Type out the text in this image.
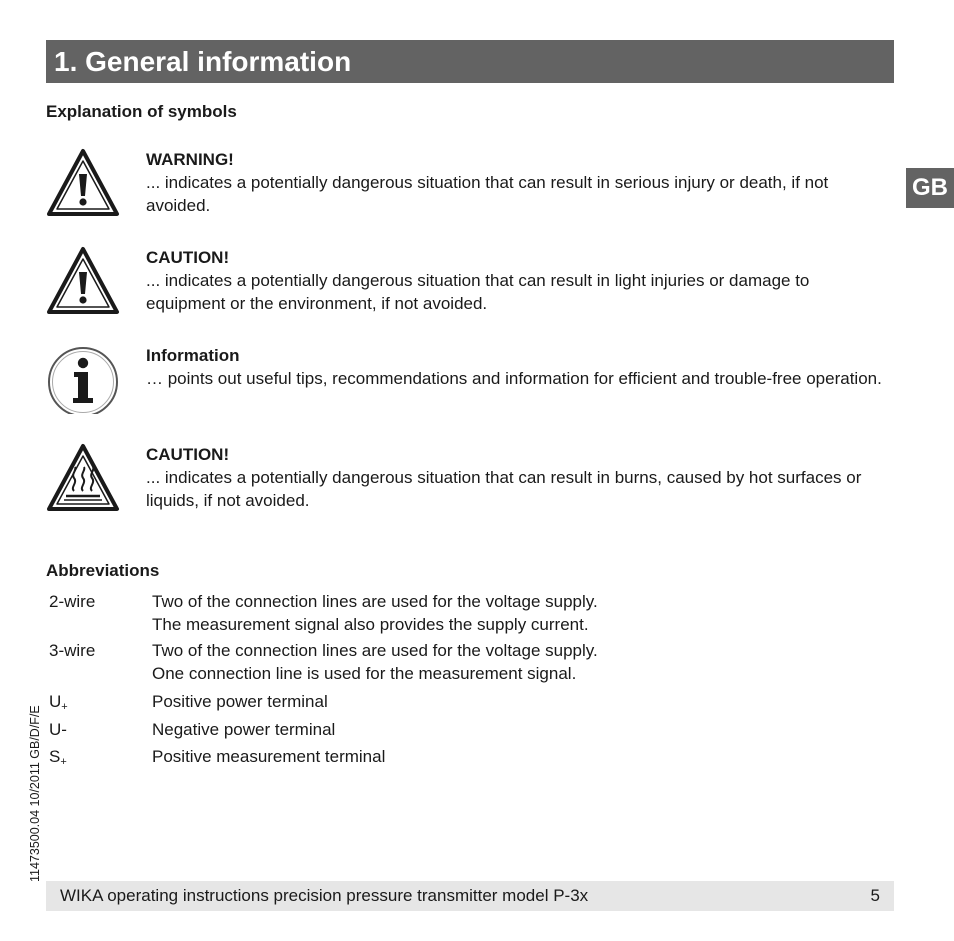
1. General information
GB
Explanation of symbols
WARNING!
... indicates a potentially dangerous situation that can result in serious injury or death, if not avoided.
CAUTION!
... indicates a potentially dangerous situation that can result in light injuries or damage to equipment or the environment, if not avoided.
Information
… points out useful tips, recommendations and information for efficient and trouble-free operation.
CAUTION!
... indicates a potentially dangerous situation that can result in burns, caused by hot surfaces or liquids, if not avoided.
Abbreviations
2-wire	Two of the connection lines are used for the voltage supply.
The measurement signal also provides the supply current.
3-wire	Two of the connection lines are used for the voltage supply.
One connection line is used for the measurement signal.
$U_+$	Positive power terminal
U-	Negative power terminal
$S_+$	Positive measurement terminal
11473500.04 10/2011 GB/D/F/E
WIKA operating instructions precision pressure transmitter model P-3x	5
